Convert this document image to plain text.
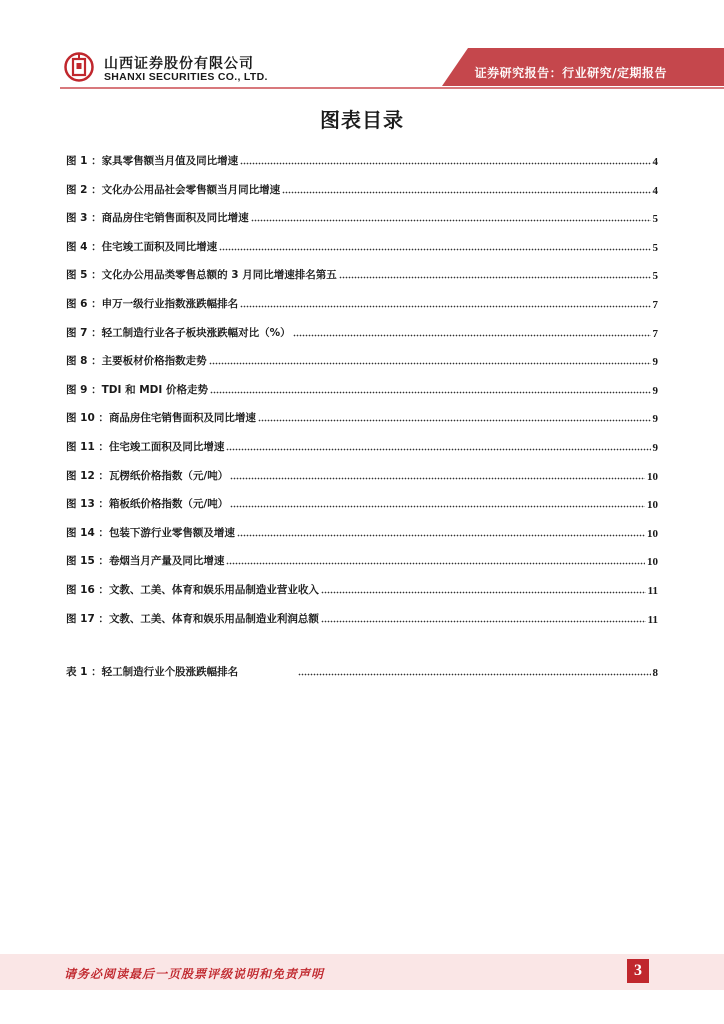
山西证券股份有限公司
SHANXI SECURITIES CO., LTD.	证券研究报告：行业研究/定期报告
图表目录
图 1 ： 家具零售额当月值及同比增速	4
图 2 ： 文化办公用品社会零售额当月同比增速	4
图 3 ： 商品房住宅销售面积及同比增速	5
图 4 ： 住宅竣工面积及同比增速	5
图 5 ： 文化办公用品类零售总额的 3 月同比增速排名第五	5
图 6 ： 申万一级行业指数涨跌幅排名	7
图 7 ： 轻工制造行业各子板块涨跌幅对比（%）	7
图 8 ： 主要板材价格指数走势	9
图 9 ： TDI 和 MDI 价格走势	9
图 10 ： 商品房住宅销售面积及同比增速	9
图 11 ： 住宅竣工面积及同比增速	9
图 12 ： 瓦楞纸价格指数（元/吨）	10
图 13 ： 箱板纸价格指数（元/吨）	10
图 14 ： 包装下游行业零售额及增速	10
图 15 ： 卷烟当月产量及同比增速	10
图 16 ： 文教、工美、体育和娱乐用品制造业营业收入	11
图 17 ： 文教、工美、体育和娱乐用品制造业利润总额	11
表 1 ： 轻工制造行业个股涨跌幅排名	8
请务必阅读最后一页股票评级说明和免责声明	3
